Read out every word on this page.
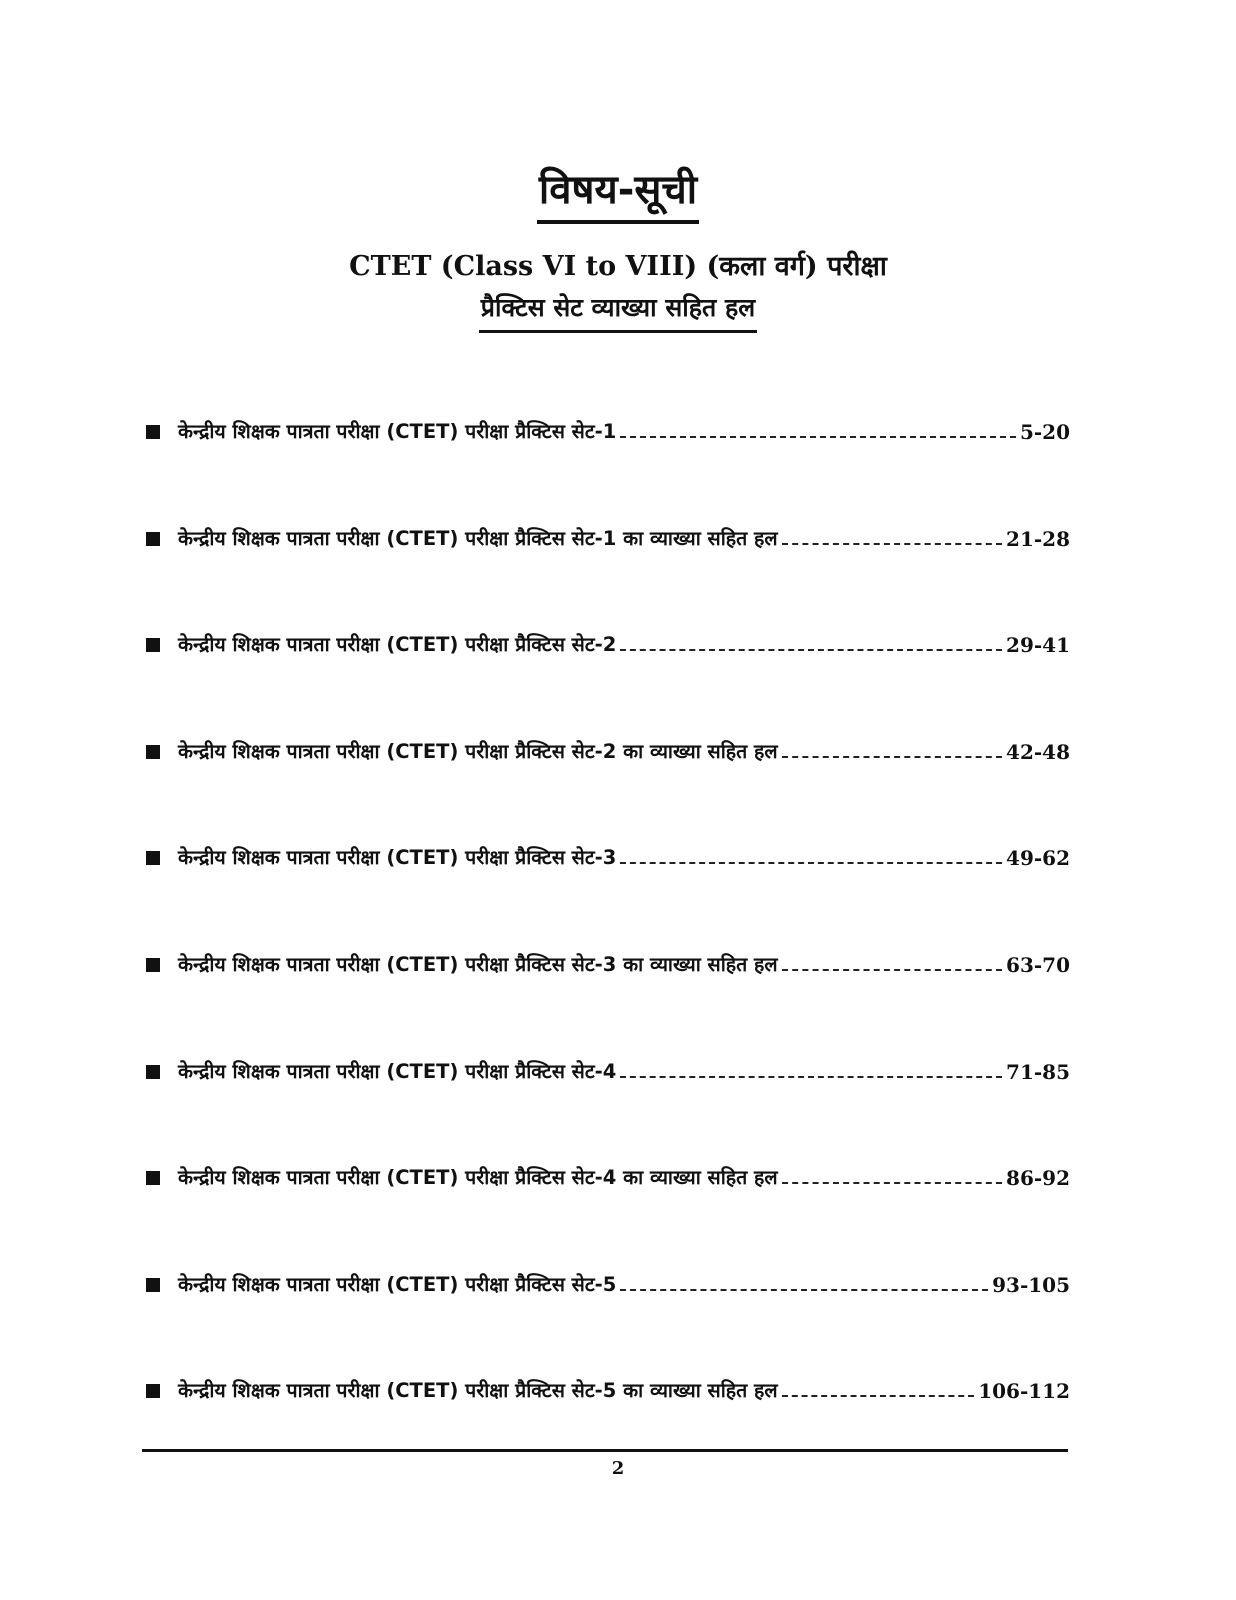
विषय-सूची
CTET (Class VI to VIII) (कला वर्ग) परीक्षा
प्रैक्टिस सेट व्याख्या सहित हल
केन्द्रीय शिक्षक पात्रता परीक्षा (CTET) परीक्षा प्रैक्टिस सेट-1	5-20
केन्द्रीय शिक्षक पात्रता परीक्षा (CTET) परीक्षा प्रैक्टिस सेट-1 का व्याख्या सहित हल	21-28
केन्द्रीय शिक्षक पात्रता परीक्षा (CTET) परीक्षा प्रैक्टिस सेट-2	29-41
केन्द्रीय शिक्षक पात्रता परीक्षा (CTET) परीक्षा प्रैक्टिस सेट-2 का व्याख्या सहित हल	42-48
केन्द्रीय शिक्षक पात्रता परीक्षा (CTET) परीक्षा प्रैक्टिस सेट-3	49-62
केन्द्रीय शिक्षक पात्रता परीक्षा (CTET) परीक्षा प्रैक्टिस सेट-3 का व्याख्या सहित हल	63-70
केन्द्रीय शिक्षक पात्रता परीक्षा (CTET) परीक्षा प्रैक्टिस सेट-4	71-85
केन्द्रीय शिक्षक पात्रता परीक्षा (CTET) परीक्षा प्रैक्टिस सेट-4 का व्याख्या सहित हल	86-92
केन्द्रीय शिक्षक पात्रता परीक्षा (CTET) परीक्षा प्रैक्टिस सेट-5	93-105
केन्द्रीय शिक्षक पात्रता परीक्षा (CTET) परीक्षा प्रैक्टिस सेट-5 का व्याख्या सहित हल	106-112
2
